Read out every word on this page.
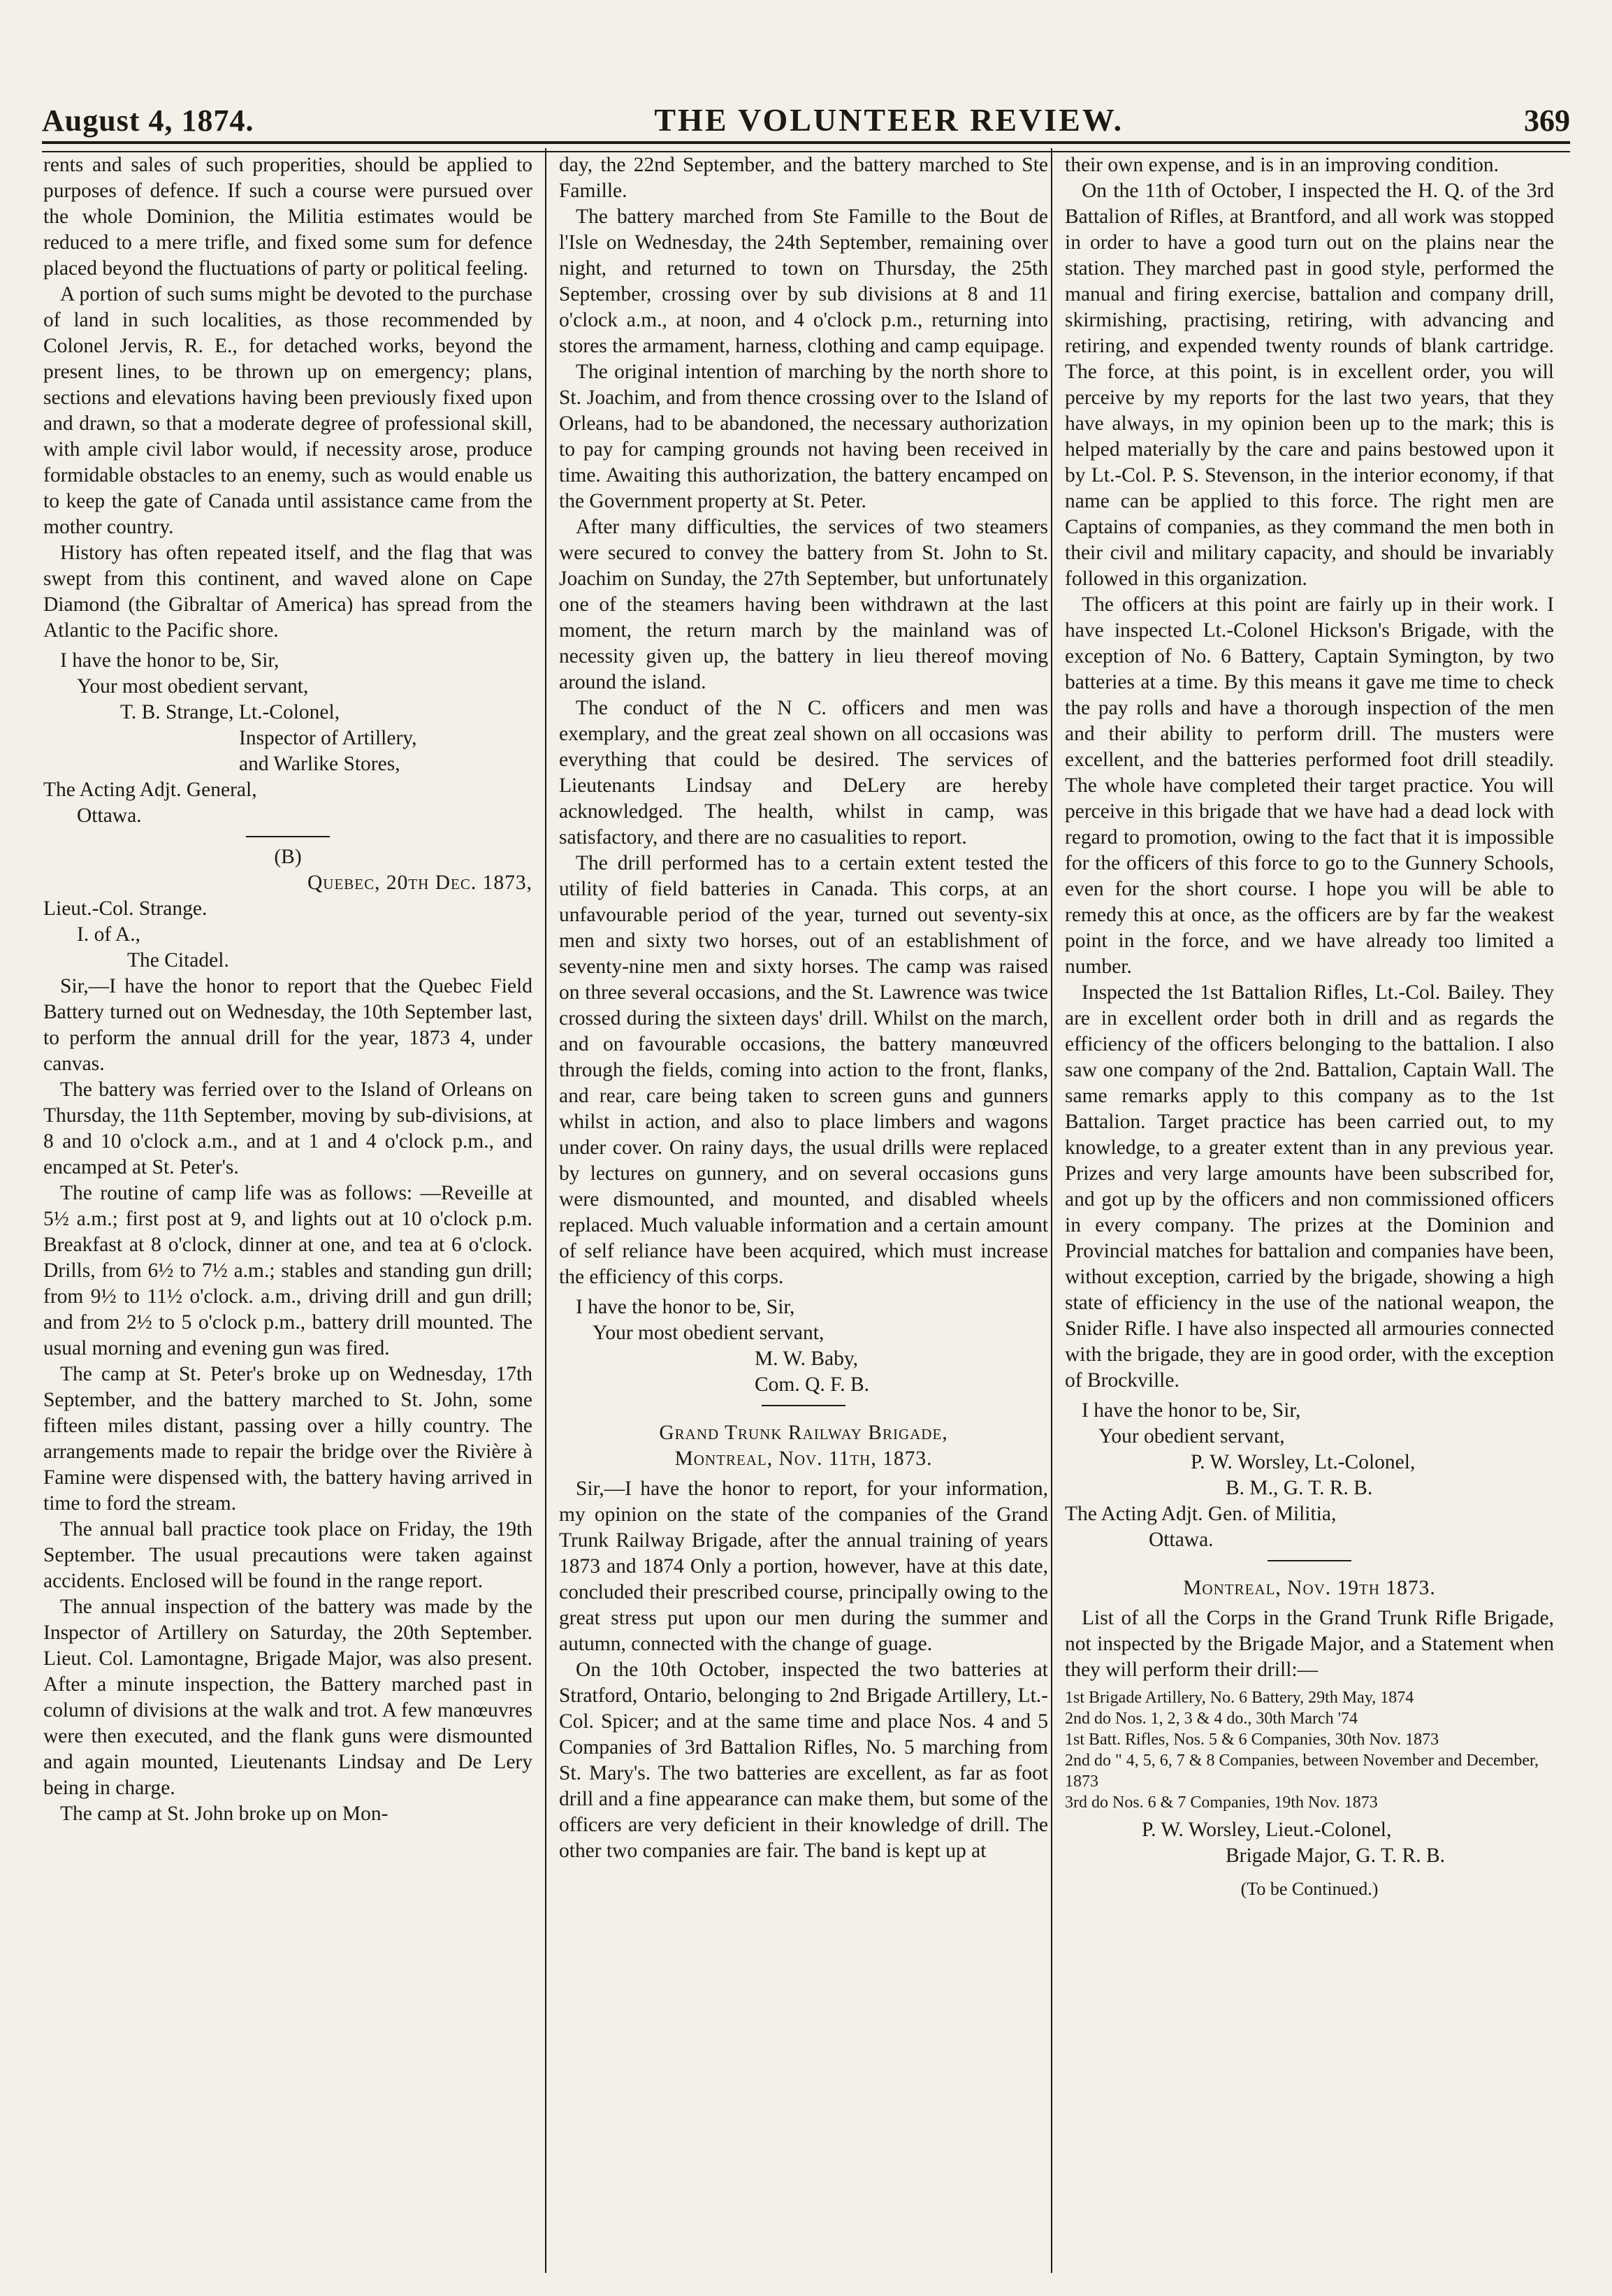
August 4, 1874.	THE VOLUNTEER REVIEW.	369

rents and sales of such properities, should be applied to purposes of defence. If such a course were pursued over the whole Dominion, the Militia estimates would be reduced to a mere trifle, and fixed some sum for defence placed beyond the fluctuations of party or political feeling.

A portion of such sums might be devoted to the purchase of land in such localities, as those recommended by Colonel Jervis, R. E., for detached works, beyond the present lines, to be thrown up on emergency; plans, sections and elevations having been previously fixed upon and drawn, so that a moderate degree of professional skill, with ample civil labor would, if necessity arose, produce formidable obstacles to an enemy, such as would enable us to keep the gate of Canada until assistance came from the mother country.

History has often repeated itself, and the flag that was swept from this continent, and waved alone on Cape Diamond (the Gibraltar of America) has spread from the Atlantic to the Pacific shore.

I have the honor to be, Sir,

Your most obedient servant,

T. B. Strange, Lt.-Colonel,

Inspector of Artillery,

and Warlike Stores,

The Acting Adjt. General,

Ottawa.

(B)

Quebec, 20th Dec. 1873,

Lieut.-Col. Strange.

I. of A.,

The Citadel.

Sir,—I have the honor to report that the Quebec Field Battery turned out on Wednesday, the 10th September last, to perform the annual drill for the year, 1873 4, under canvas.

The battery was ferried over to the Island of Orleans on Thursday, the 11th September, moving by sub-divisions, at 8 and 10 o'clock a.m., and at 1 and 4 o'clock p.m., and encamped at St. Peter's.

The routine of camp life was as follows: —Reveille at 5½ a.m.; first post at 9, and lights out at 10 o'clock p.m. Breakfast at 8 o'clock, dinner at one, and tea at 6 o'clock. Drills, from 6½ to 7½ a.m.; stables and standing gun drill; from 9½ to 11½ o'clock. a.m., driving drill and gun drill; and from 2½ to 5 o'clock p.m., battery drill mounted. The usual morning and evening gun was fired.

The camp at St. Peter's broke up on Wednesday, 17th September, and the battery marched to St. John, some fifteen miles distant, passing over a hilly country. The arrangements made to repair the bridge over the Rivière à Famine were dispensed with, the battery having arrived in time to ford the stream.

The annual ball practice took place on Friday, the 19th September. The usual precautions were taken against accidents. Enclosed will be found in the range report.

The annual inspection of the battery was made by the Inspector of Artillery on Saturday, the 20th September. Lieut. Col. Lamontagne, Brigade Major, was also present. After a minute inspection, the Battery marched past in column of divisions at the walk and trot. A few manœuvres were then executed, and the flank guns were dismounted and again mounted, Lieutenants Lindsay and De Lery being in charge.

The camp at St. John broke up on Mon-

day, the 22nd September, and the battery marched to Ste Famille.

The battery marched from Ste Famille to the Bout de l'Isle on Wednesday, the 24th September, remaining over night, and returned to town on Thursday, the 25th September, crossing over by sub divisions at 8 and 11 o'clock a.m., at noon, and 4 o'clock p.m., returning into stores the armament, harness, clothing and camp equipage.

The original intention of marching by the north shore to St. Joachim, and from thence crossing over to the Island of Orleans, had to be abandoned, the necessary authorization to pay for camping grounds not having been received in time. Awaiting this authorization, the battery encamped on the Government property at St. Peter.

After many difficulties, the services of two steamers were secured to convey the battery from St. John to St. Joachim on Sunday, the 27th September, but unfortunately one of the steamers having been withdrawn at the last moment, the return march by the mainland was of necessity given up, the battery in lieu thereof moving around the island.

The conduct of the N C. officers and men was exemplary, and the great zeal shown on all occasions was everything that could be desired. The services of Lieutenants Lindsay and DeLery are hereby acknowledged. The health, whilst in camp, was satisfactory, and there are no casualities to report.

The drill performed has to a certain extent tested the utility of field batteries in Canada. This corps, at an unfavourable period of the year, turned out seventy-six men and sixty two horses, out of an establishment of seventy-nine men and sixty horses. The camp was raised on three several occasions, and the St. Lawrence was twice crossed during the sixteen days' drill. Whilst on the march, and on favourable occasions, the battery manœuvred through the fields, coming into action to the front, flanks, and rear, care being taken to screen guns and gunners whilst in action, and also to place limbers and wagons under cover. On rainy days, the usual drills were replaced by lectures on gunnery, and on several occasions guns were dismounted, and mounted, and disabled wheels replaced. Much valuable information and a certain amount of self reliance have been acquired, which must increase the efficiency of this corps.

I have the honor to be, Sir,

Your most obedient servant,

M. W. Baby,

Com. Q. F. B.

Grand Trunk Railway Brigade,

Montreal, Nov. 11th, 1873.

Sir,—I have the honor to report, for your information, my opinion on the state of the companies of the Grand Trunk Railway Brigade, after the annual training of years 1873 and 1874 Only a portion, however, have at this date, concluded their prescribed course, principally owing to the great stress put upon our men during the summer and autumn, connected with the change of guage.

On the 10th October, inspected the two batteries at Stratford, Ontario, belonging to 2nd Brigade Artillery, Lt.-Col. Spicer; and at the same time and place Nos. 4 and 5 Companies of 3rd Battalion Rifles, No. 5 marching from St. Mary's. The two batteries are excellent, as far as foot drill and a fine appearance can make them, but some of the officers are very deficient in their knowledge of drill. The other two companies are fair. The band is kept up at

their own expense, and is in an improving condition.

On the 11th of October, I inspected the H. Q. of the 3rd Battalion of Rifles, at Brantford, and all work was stopped in order to have a good turn out on the plains near the station. They marched past in good style, performed the manual and firing exercise, battalion and company drill, skirmishing, practising, retiring, with advancing and retiring, and expended twenty rounds of blank cartridge. The force, at this point, is in excellent order, you will perceive by my reports for the last two years, that they have always, in my opinion been up to the mark; this is helped materially by the care and pains bestowed upon it by Lt.-Col. P. S. Stevenson, in the interior economy, if that name can be applied to this force. The right men are Captains of companies, as they command the men both in their civil and military capacity, and should be invariably followed in this organization.

The officers at this point are fairly up in their work. I have inspected Lt.-Colonel Hickson's Brigade, with the exception of No. 6 Battery, Captain Symington, by two batteries at a time. By this means it gave me time to check the pay rolls and have a thorough inspection of the men and their ability to perform drill. The musters were excellent, and the batteries performed foot drill steadily. The whole have completed their target practice. You will perceive in this brigade that we have had a dead lock with regard to promotion, owing to the fact that it is impossible for the officers of this force to go to the Gunnery Schools, even for the short course. I hope you will be able to remedy this at once, as the officers are by far the weakest point in the force, and we have already too limited a number.

Inspected the 1st Battalion Rifles, Lt.-Col. Bailey. They are in excellent order both in drill and as regards the efficiency of the officers belonging to the battalion. I also saw one company of the 2nd. Battalion, Captain Wall. The same remarks apply to this company as to the 1st Battalion. Target practice has been carried out, to my knowledge, to a greater extent than in any previous year. Prizes and very large amounts have been subscribed for, and got up by the officers and non commissioned officers in every company. The prizes at the Dominion and Provincial matches for battalion and companies have been, without exception, carried by the brigade, showing a high state of efficiency in the use of the national weapon, the Snider Rifle. I have also inspected all armouries connected with the brigade, they are in good order, with the exception of Brockville.

I have the honor to be, Sir,

Your obedient servant,

P. W. Worsley, Lt.-Colonel,

B. M., G. T. R. B.

The Acting Adjt. Gen. of Militia,

Ottawa.

Montreal, Nov. 19th 1873.

List of all the Corps in the Grand Trunk Rifle Brigade, not inspected by the Brigade Major, and a Statement when they will perform their drill:—

1st Brigade Artillery, No. 6 Battery, 29th May, 1874

2nd do Nos. 1, 2, 3 & 4 do., 30th March '74

1st Batt. Rifles, Nos. 5 & 6 Companies, 30th Nov. 1873

2nd do " 4, 5, 6, 7 & 8 Companies, between November and December, 1873

3rd do Nos. 6 & 7 Companies, 19th Nov. 1873

P. W. Worsley, Lieut.-Colonel,

Brigade Major, G. T. R. B.

(To be Continued.)
